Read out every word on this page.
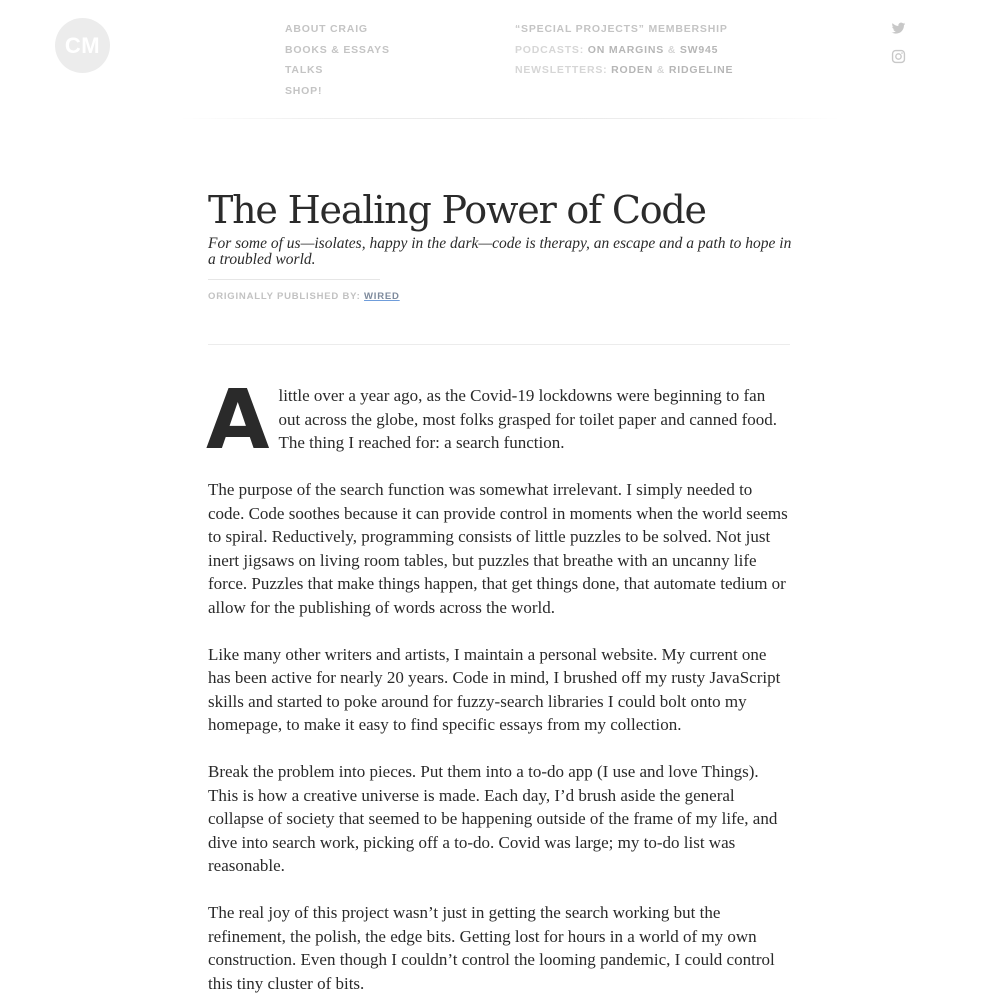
CM
ABOUT CRAIG
BOOKS & ESSAYS
TALKS
SHOP!
“SPECIAL PROJECTS” MEMBERSHIP
PODCASTS: ON MARGINS & SW945
NEWSLETTERS: RODEN & RIDGELINE
The Healing Power of Code

For some of us—isolates, happy in the dark—code is therapy, an escape and a path to hope in a troubled world.

ORIGINALLY PUBLISHED BY: WIRED

A little over a year ago, as the Covid-19 lockdowns were beginning to fan out across the globe, most folks grasped for toilet paper and canned food. The thing I reached for: a search function.

The purpose of the search function was somewhat irrelevant. I simply needed to code. Code soothes because it can provide control in moments when the world seems to spiral. Reductively, programming consists of little puzzles to be solved. Not just inert jigsaws on living room tables, but puzzles that breathe with an uncanny life force. Puzzles that make things happen, that get things done, that automate tedium or allow for the publishing of words across the world.

Like many other writers and artists, I maintain a personal website. My current one has been active for nearly 20 years. Code in mind, I brushed off my rusty JavaScript skills and started to poke around for fuzzy-search libraries I could bolt onto my homepage, to make it easy to find specific essays from my collection.

Break the problem into pieces. Put them into a to-do app (I use and love Things). This is how a creative universe is made. Each day, I’d brush aside the general collapse of society that seemed to be happening outside of the frame of my life, and dive into search work, picking off a to-do. Covid was large; my to-do list was reasonable.

The real joy of this project wasn’t just in getting the search working but the refinement, the polish, the edge bits. Getting lost for hours in a world of my own construction. Even though I couldn’t control the looming pandemic, I could control this tiny cluster of bits.
